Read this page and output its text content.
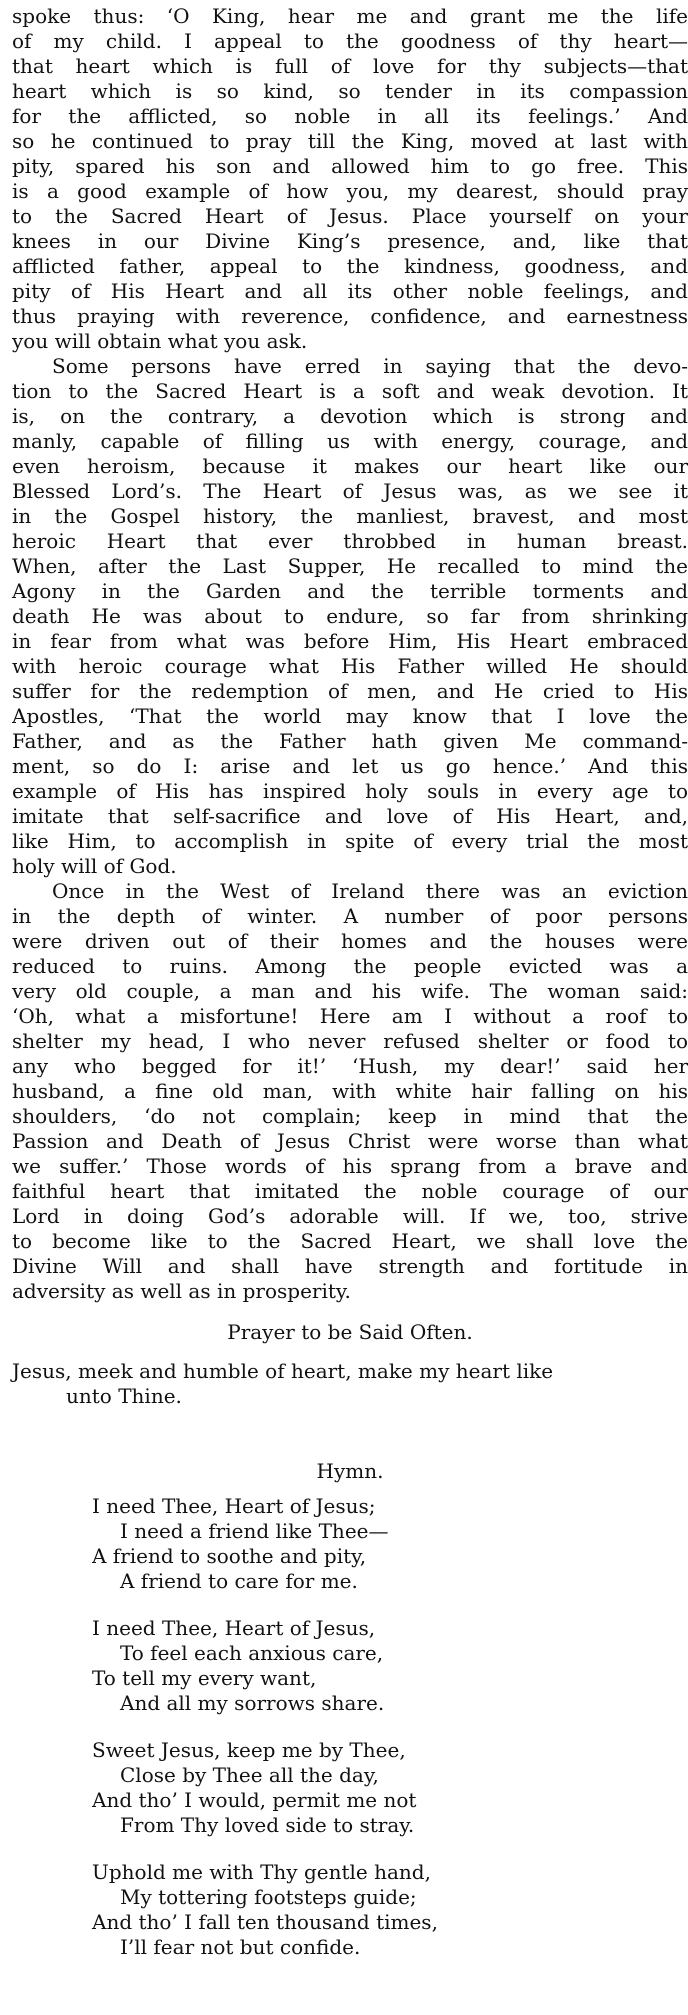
spoke thus: ‘O King, hear me and grant me the life
of my child. I appeal to the goodness of thy heart—
that heart which is full of love for thy subjects—that
heart which is so kind, so tender in its compassion
for the afflicted, so noble in all its feelings.’ And
so he continued to pray till the King, moved at last with
pity, spared his son and allowed him to go free. This
is a good example of how you, my dearest, should pray
to the Sacred Heart of Jesus. Place yourself on your
knees in our Divine King’s presence, and, like that
afflicted father, appeal to the kindness, goodness, and
pity of His Heart and all its other noble feelings, and
thus praying with reverence, confidence, and earnestness
you will obtain what you ask.
Some persons have erred in saying that the devo-
tion to the Sacred Heart is a soft and weak devotion. It
is, on the contrary, a devotion which is strong and
manly, capable of filling us with energy, courage, and
even heroism, because it makes our heart like our
Blessed Lord’s. The Heart of Jesus was, as we see it
in the Gospel history, the manliest, bravest, and most
heroic Heart that ever throbbed in human breast.
When, after the Last Supper, He recalled to mind the
Agony in the Garden and the terrible torments and
death He was about to endure, so far from shrinking
in fear from what was before Him, His Heart embraced
with heroic courage what His Father willed He should
suffer for the redemption of men, and He cried to His
Apostles, ‘That the world may know that I love the
Father, and as the Father hath given Me command-
ment, so do I: arise and let us go hence.’ And this
example of His has inspired holy souls in every age to
imitate that self-sacrifice and love of His Heart, and,
like Him, to accomplish in spite of every trial the most
holy will of God.
Once in the West of Ireland there was an eviction
in the depth of winter. A number of poor persons
were driven out of their homes and the houses were
reduced to ruins. Among the people evicted was a
very old couple, a man and his wife. The woman said:
‘Oh, what a misfortune! Here am I without a roof to
shelter my head, I who never refused shelter or food to
any who begged for it!’ ‘Hush, my dear!’ said her
husband, a fine old man, with white hair falling on his
shoulders, ‘do not complain; keep in mind that the
Passion and Death of Jesus Christ were worse than what
we suffer.’ Those words of his sprang from a brave and
faithful heart that imitated the noble courage of our
Lord in doing God’s adorable will. If we, too, strive
to become like to the Sacred Heart, we shall love the
Divine Will and shall have strength and fortitude in
adversity as well as in prosperity.
Prayer to be Said Often.
Jesus, meek and humble of heart, make my heart like
unto Thine.
Hymn.
I need Thee, Heart of Jesus;
I need a friend like Thee—
A friend to soothe and pity,
A friend to care for me.
I need Thee, Heart of Jesus,
To feel each anxious care,
To tell my every want,
And all my sorrows share.
Sweet Jesus, keep me by Thee,
Close by Thee all the day,
And tho’ I would, permit me not
From Thy loved side to stray.
Uphold me with Thy gentle hand,
My tottering footsteps guide;
And tho’ I fall ten thousand times,
I’ll fear not but confide.
